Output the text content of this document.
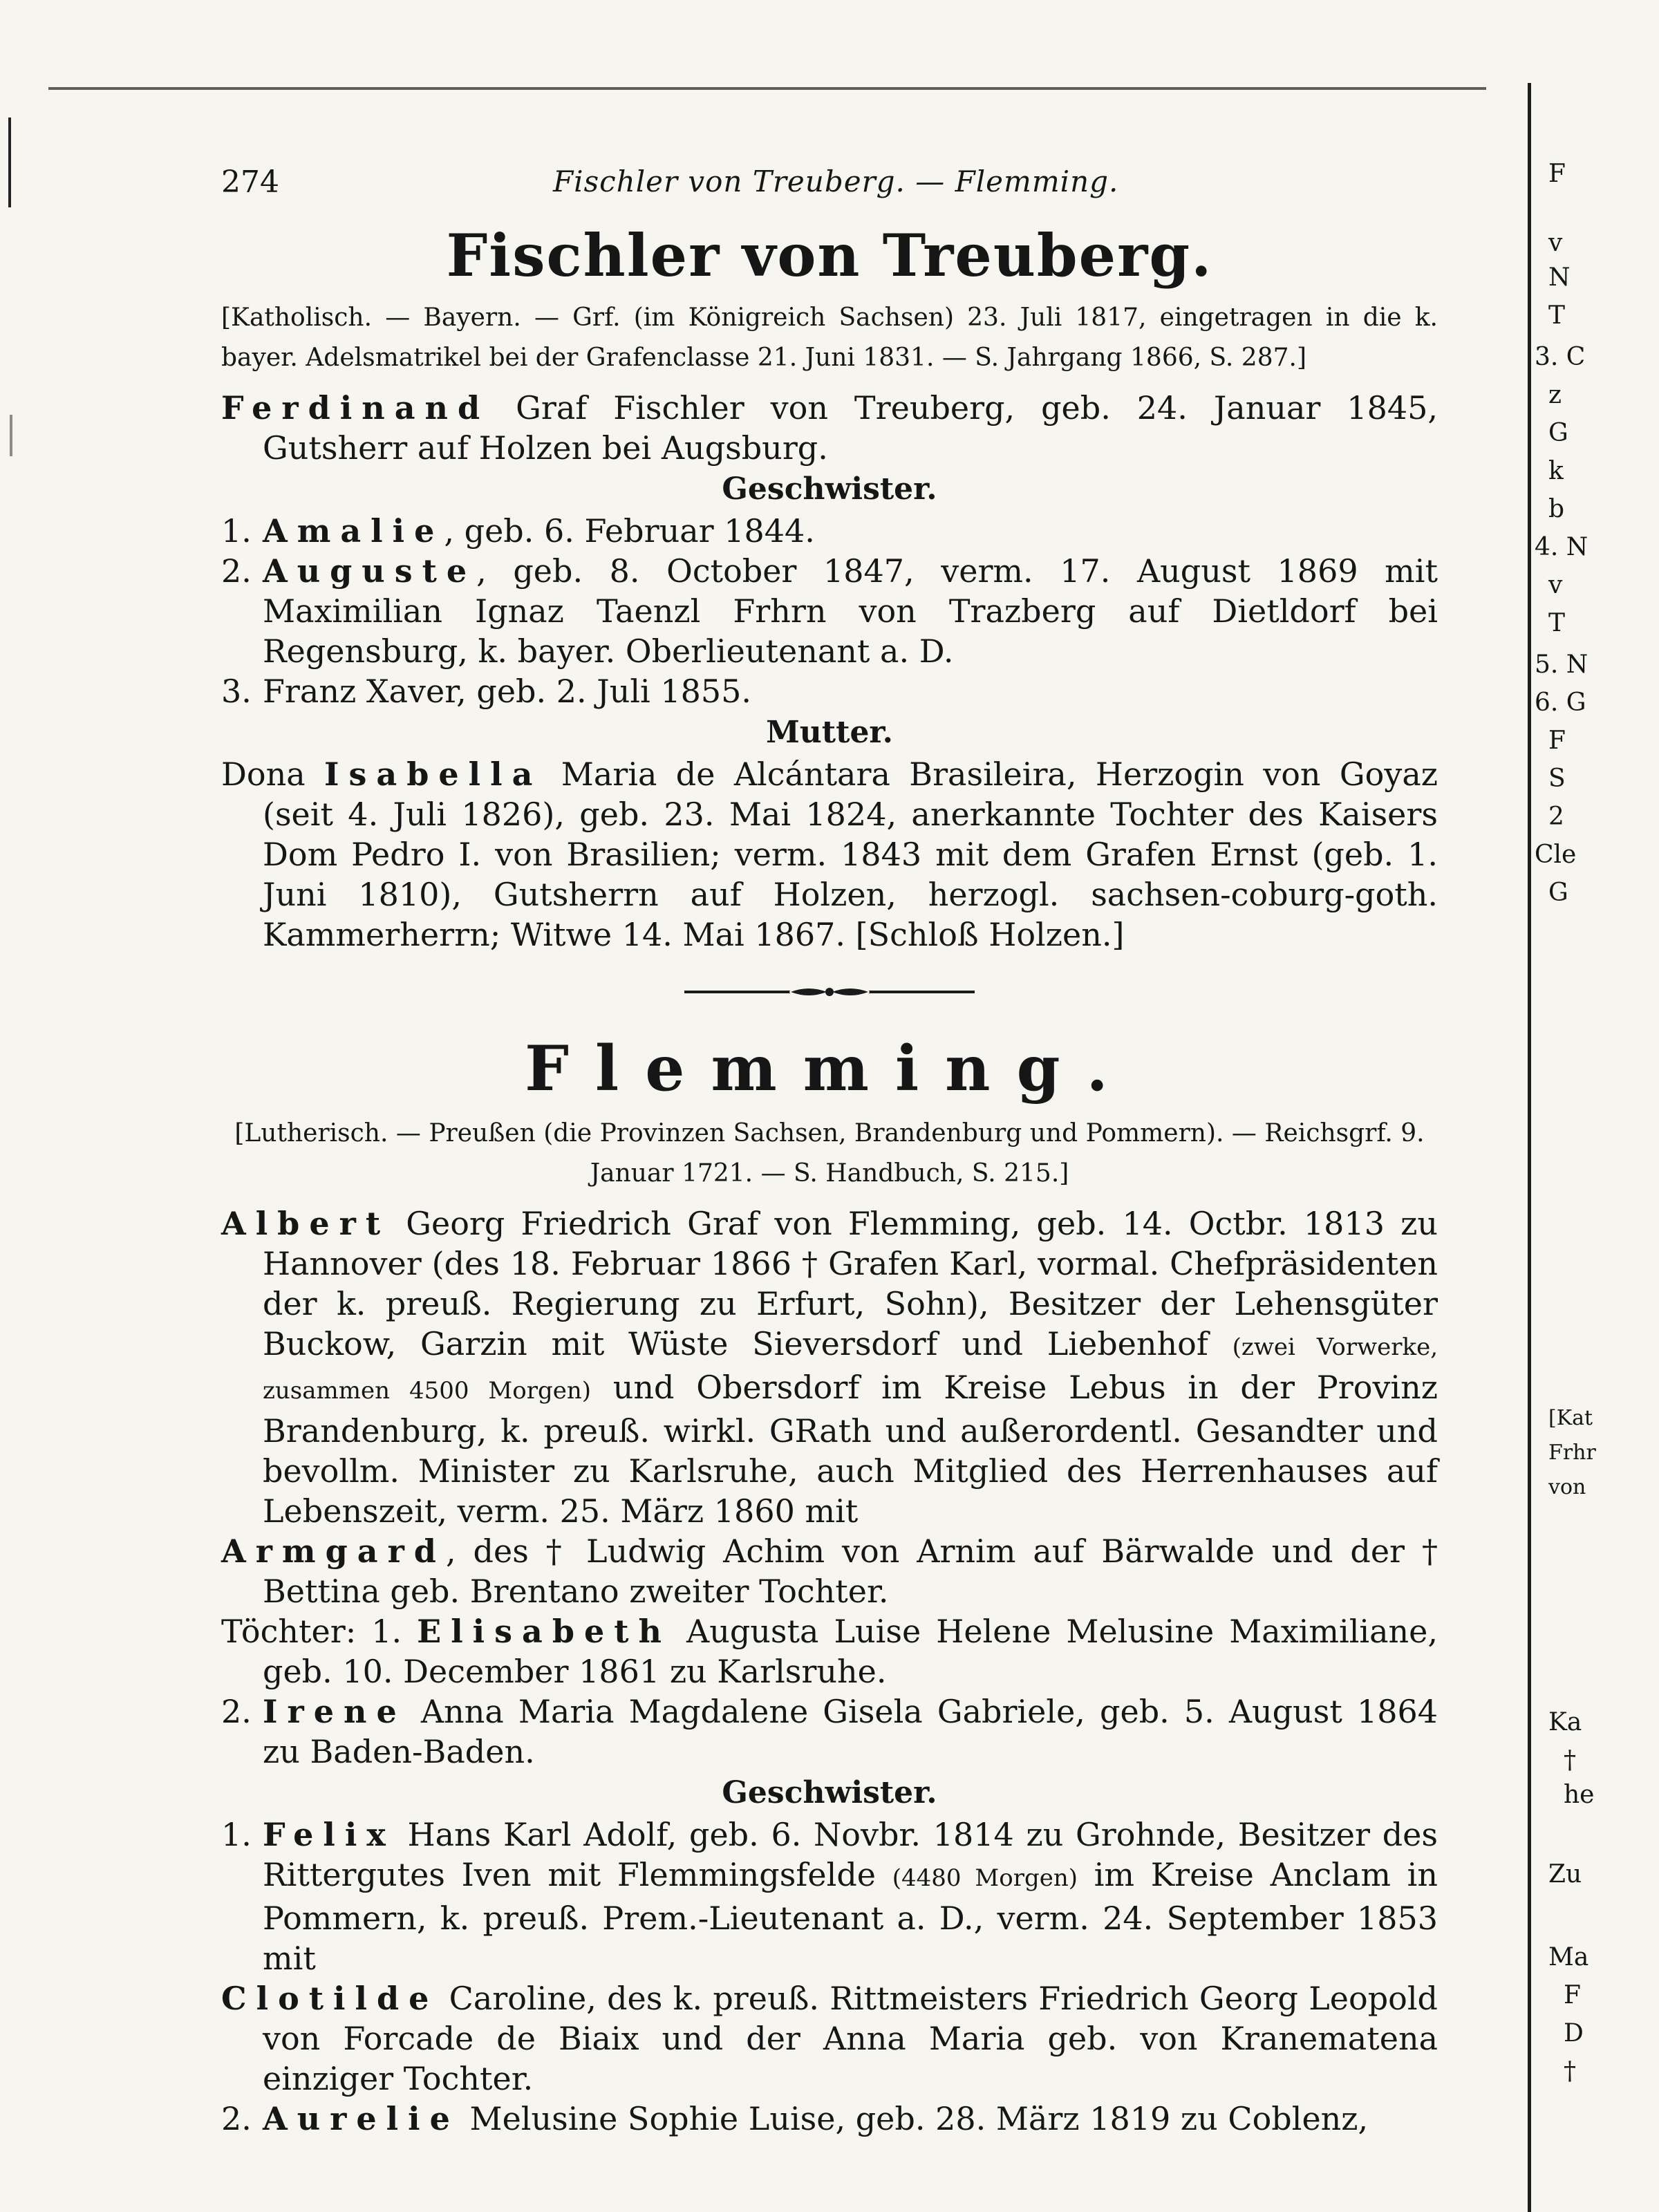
F
v
N
T
3. C
z
G
k
b
4. N
v
T
5. N
6. G
F
S
2
Cle
G
[Kat
Frhr
von
Ka
†
he
Zu
Ma
F
D
†
274	Fischler von Treuberg. — Flemming.
Fischler von Treuberg.

[Katholisch. — Bayern. — Grf. (im Königreich Sachsen) 23. Juli 1817, eingetragen in die k. bayer. Adelsmatrikel bei der Grafenclasse 21. Juni 1831. — S. Jahrgang 1866, S. 287.]

Ferdinand Graf Fischler von Treuberg, geb. 24. Januar 1845, Gutsherr auf Holzen bei Augsburg.

Geschwister.

1. Amalie, geb. 6. Februar 1844.

2. Auguste, geb. 8. October 1847, verm. 17. August 1869 mit Maximilian Ignaz Taenzl Frhrn von Trazberg auf Dietldorf bei Regensburg, k. bayer. Oberlieutenant a. D.

3. Franz Xaver, geb. 2. Juli 1855.

Mutter.

Dona Isabella Maria de Alcántara Brasileira, Herzogin von Goyaz (seit 4. Juli 1826), geb. 23. Mai 1824, anerkannte Tochter des Kaisers Dom Pedro I. von Brasilien; verm. 1843 mit dem Grafen Ernst (geb. 1. Juni 1810), Gutsherrn auf Holzen, herzogl. sachsen-coburg-goth. Kammerherrn; Witwe 14. Mai 1867. [Schloß Holzen.]

Flemming.

[Lutherisch. — Preußen (die Provinzen Sachsen, Brandenburg und Pommern). — Reichsgrf. 9. Januar 1721. — S. Handbuch, S. 215.]

Albert Georg Friedrich Graf von Flemming, geb. 14. Octbr. 1813 zu Hannover (des 18. Februar 1866 † Grafen Karl, vormal. Chefpräsidenten der k. preuß. Regierung zu Erfurt, Sohn), Besitzer der Lehensgüter Buckow, Garzin mit Wüste Sieversdorf und Liebenhof (zwei Vorwerke, zusammen 4500 Morgen) und Obersdorf im Kreise Lebus in der Provinz Brandenburg, k. preuß. wirkl. GRath und außerordentl. Gesandter und bevollm. Minister zu Karlsruhe, auch Mitglied des Herrenhauses auf Lebenszeit, verm. 25. März 1860 mit

Armgard, des † Ludwig Achim von Arnim auf Bärwalde und der † Bettina geb. Brentano zweiter Tochter.

Töchter: 1. Elisabeth Augusta Luise Helene Melusine Maximiliane, geb. 10. December 1861 zu Karlsruhe.

2. Irene Anna Maria Magdalene Gisela Gabriele, geb. 5. August 1864 zu Baden-Baden.

Geschwister.

1. Felix Hans Karl Adolf, geb. 6. Novbr. 1814 zu Grohnde, Besitzer des Rittergutes Iven mit Flemmingsfelde (4480 Morgen) im Kreise Anclam in Pommern, k. preuß. Prem.-Lieutenant a. D., verm. 24. September 1853 mit

Clotilde Caroline, des k. preuß. Rittmeisters Friedrich Georg Leopold von Forcade de Biaix und der Anna Maria geb. von Kranematena einziger Tochter.

2. Aurelie Melusine Sophie Luise, geb. 28. März 1819 zu Coblenz,
